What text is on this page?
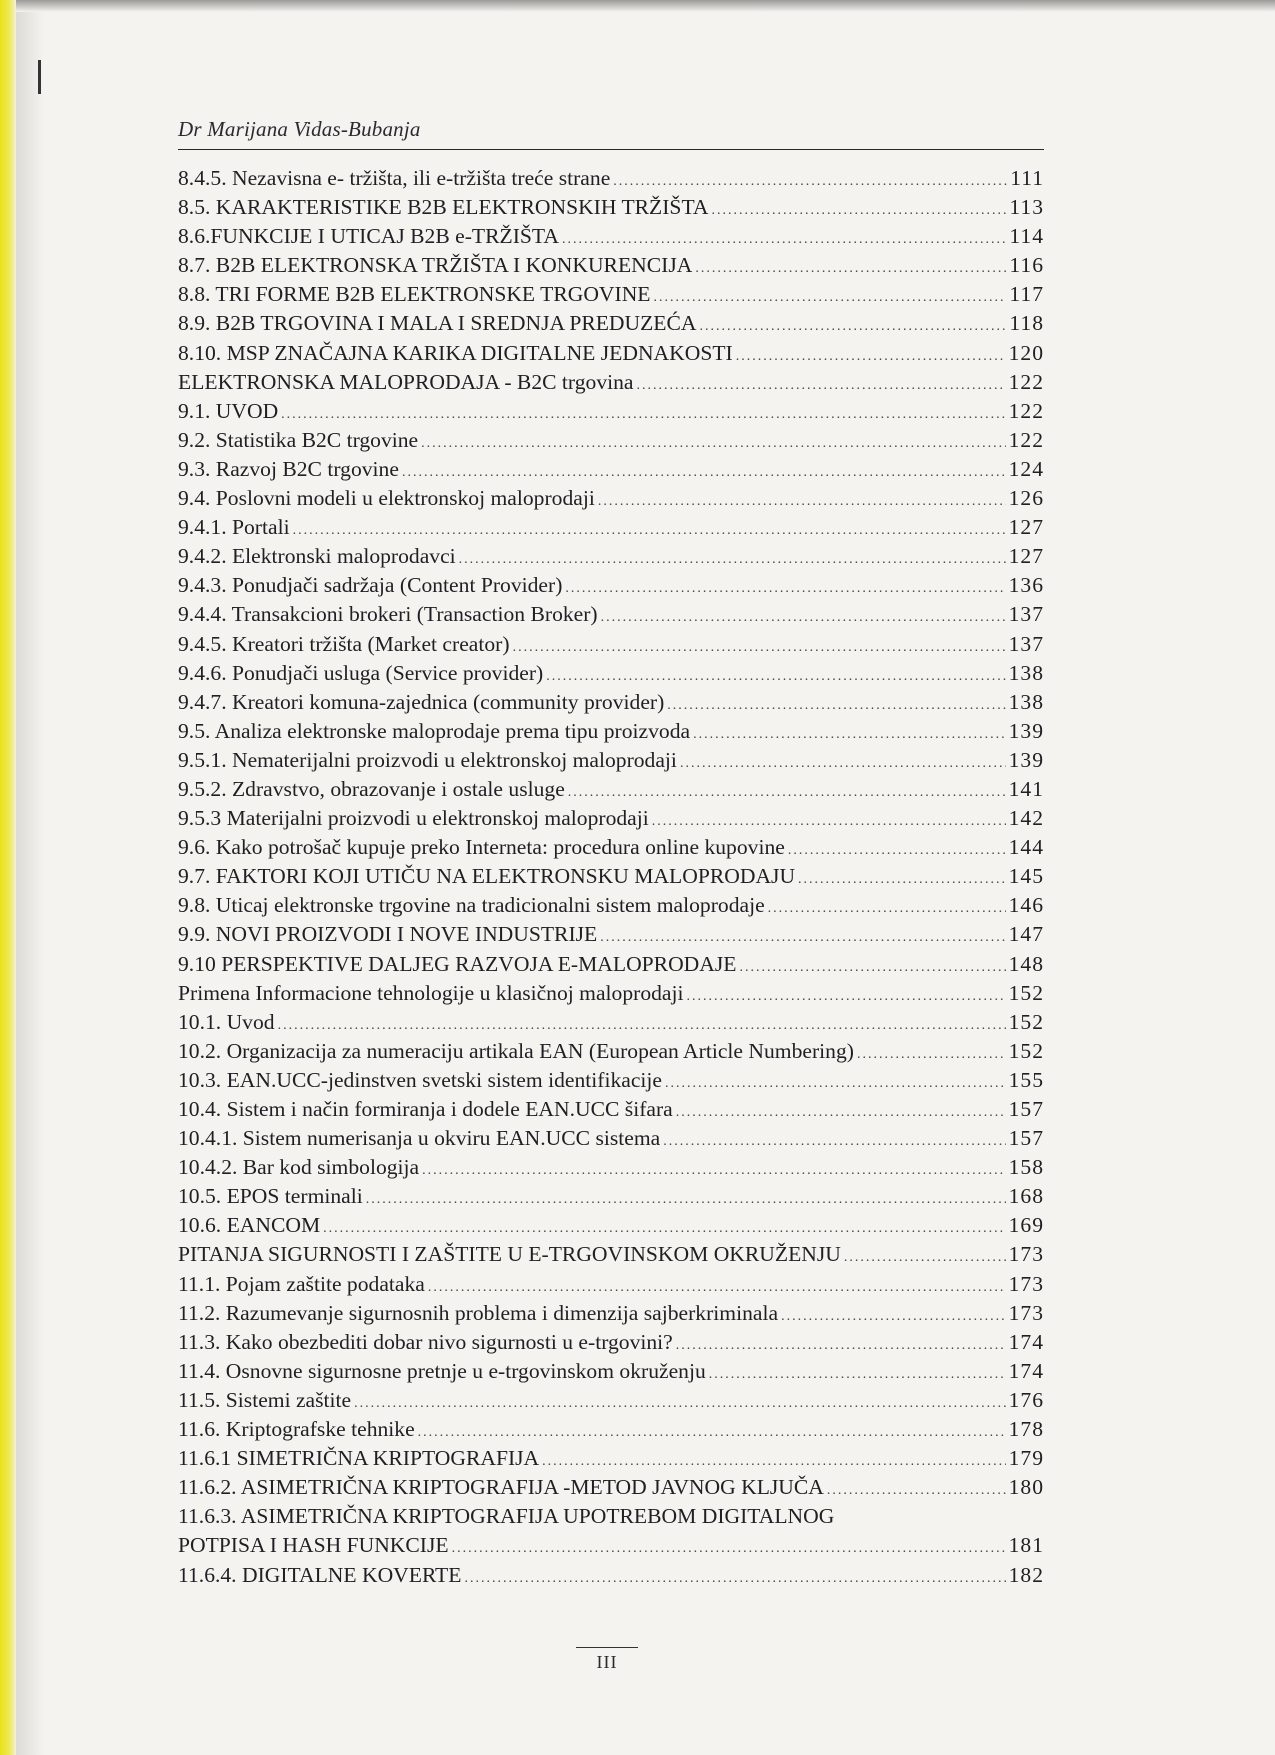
Dr Marijana Vidas-Bubanja
8.4.5. Nezavisna e- tržišta, ili e-tržišta treće strane .....	111
8.5. KARAKTERISTIKE B2B ELEKTRONSKIH TRŽIŠTA .....	113
8.6.FUNKCIJE I UTICAJ B2B e-TRŽIŠTA .....	114
8.7. B2B ELEKTRONSKA TRŽIŠTA I KONKURENCIJA .....	116
8.8. TRI FORME B2B ELEKTRONSKE TRGOVINE .....	117
8.9. B2B TRGOVINA I MALA I SREDNJA PREDUZEĆA .....	118
8.10. MSP ZNAČAJNA KARIKA DIGITALNE JEDNAKOSTI .....	120
ELEKTRONSKA MALOPRODAJA - B2C trgovina .....	122
9.1. UVOD .....	122
9.2. Statistika B2C trgovine .....	122
9.3. Razvoj B2C trgovine .....	124
9.4. Poslovni modeli u elektronskoj maloprodaji .....	126
9.4.1. Portali .....	127
9.4.2. Elektronski maloprodavci .....	127
9.4.3. Ponudjači sadržaja (Content Provider) .....	136
9.4.4. Transakcioni brokeri (Transaction Broker) .....	137
9.4.5. Kreatori tržišta (Market creator) .....	137
9.4.6. Ponudjači usluga (Service provider) .....	138
9.4.7. Kreatori komuna-zajednica (community provider) .....	138
9.5. Analiza elektronske maloprodaje prema tipu proizvoda .....	139
9.5.1. Nematerijalni proizvodi u elektronskoj maloprodaji .....	139
9.5.2. Zdravstvo, obrazovanje i ostale usluge .....	141
9.5.3 Materijalni proizvodi u elektronskoj maloprodaji .....	142
9.6. Kako potrošač kupuje preko Interneta: procedura online kupovine .....	144
9.7. FAKTORI KOJI UTIČU NA ELEKTRONSKU MALOPRODAJU .....	145
9.8. Uticaj elektronske trgovine na tradicionalni sistem maloprodaje .....	146
9.9. NOVI PROIZVODI I NOVE INDUSTRIJE .....	147
9.10 PERSPEKTIVE DALJEG RAZVOJA E-MALOPRODAJE .....	148
Primena Informacione tehnologije u klasičnoj maloprodaji .....	152
10.1. Uvod .....	152
10.2. Organizacija za numeraciju artikala EAN (European Article Numbering) .....	152
10.3. EAN.UCC-jedinstven svetski sistem identifikacije .....	155
10.4. Sistem i način formiranja i dodele EAN.UCC šifara .....	157
10.4.1. Sistem numerisanja u okviru EAN.UCC sistema .....	157
10.4.2. Bar kod simbologija .....	158
10.5. EPOS terminali .....	168
10.6. EANCOM .....	169
PITANJA SIGURNOSTI I ZAŠTITE U E-TRGOVINSKOM OKRUŽENJU .....	173
11.1. Pojam zaštite podataka .....	173
11.2. Razumevanje sigurnosnih problema i dimenzija sajberkriminala .....	173
11.3. Kako obezbediti dobar nivo sigurnosti u e-trgovini? .....	174
11.4. Osnovne sigurnosne pretnje u e-trgovinskom okruženju .....	174
11.5. Sistemi zaštite .....	176
11.6. Kriptografske tehnike .....	178
11.6.1 SIMETRIČNA KRIPTOGRAFIJA .....	179
11.6.2. ASIMETRIČNA KRIPTOGRAFIJA -METOD JAVNOG KLJUČA .....	180
11.6.3. ASIMETRIČNA KRIPTOGRAFIJA UPOTREBOM DIGITALNOG
POTPISA I HASH FUNKCIJE .....	181
11.6.4. DIGITALNE KOVERTE .....	182
III
